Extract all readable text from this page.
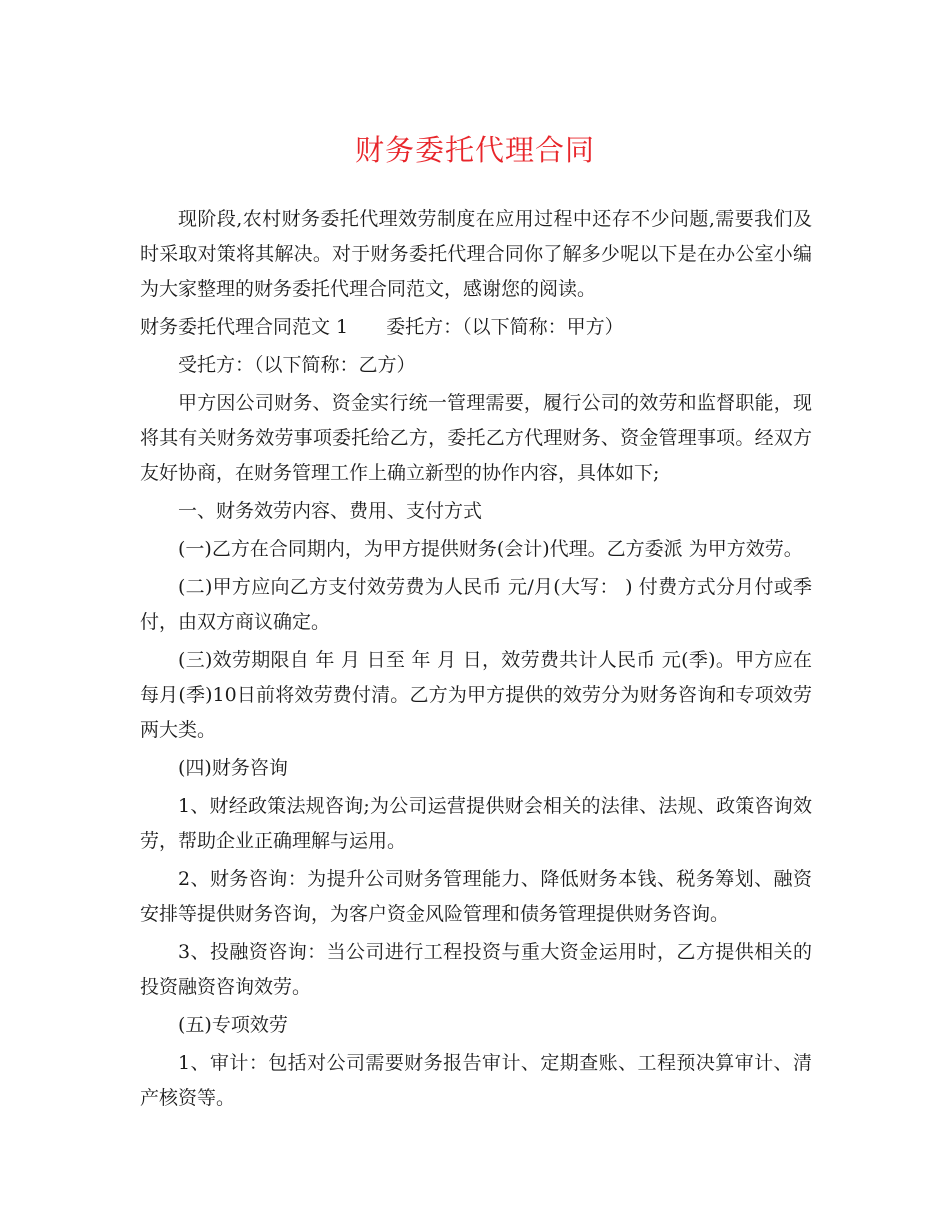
财务委托代理合同

现阶段,农村财务委托代理效劳制度在应用过程中还存不少问题,需要我们及时采取对策将其解决。对于财务委托代理合同你了解多少呢以下是在办公室小编为大家整理的财务委托代理合同范文，感谢您的阅读。

财务委托代理合同范文 1 委托方：（以下简称：甲方）

受托方：（以下简称：乙方）

甲方因公司财务、资金实行统一管理需要，履行公司的效劳和监督职能，现将其有关财务效劳事项委托给乙方，委托乙方代理财务、资金管理事项。经双方友好协商，在财务管理工作上确立新型的协作内容，具体如下;

一、财务效劳内容、费用、支付方式

(一)乙方在合同期内，为甲方提供财务(会计)代理。乙方委派 为甲方效劳。

(二)甲方应向乙方支付效劳费为人民币 元/月(大写： ) 付费方式分月付或季付，由双方商议确定。

(三)效劳期限自 年 月 日至 年 月 日，效劳费共计人民币 元(季)。甲方应在每月(季)10日前将效劳费付清。乙方为甲方提供的效劳分为财务咨询和专项效劳两大类。

(四)财务咨询

1、财经政策法规咨询;为公司运营提供财会相关的法律、法规、政策咨询效劳，帮助企业正确理解与运用。

2、财务咨询：为提升公司财务管理能力、降低财务本钱、税务筹划、融资安排等提供财务咨询，为客户资金风险管理和债务管理提供财务咨询。

3、投融资咨询：当公司进行工程投资与重大资金运用时，乙方提供相关的投资融资咨询效劳。

(五)专项效劳

1、审计：包括对公司需要财务报告审计、定期查账、工程预决算审计、清产核资等。
